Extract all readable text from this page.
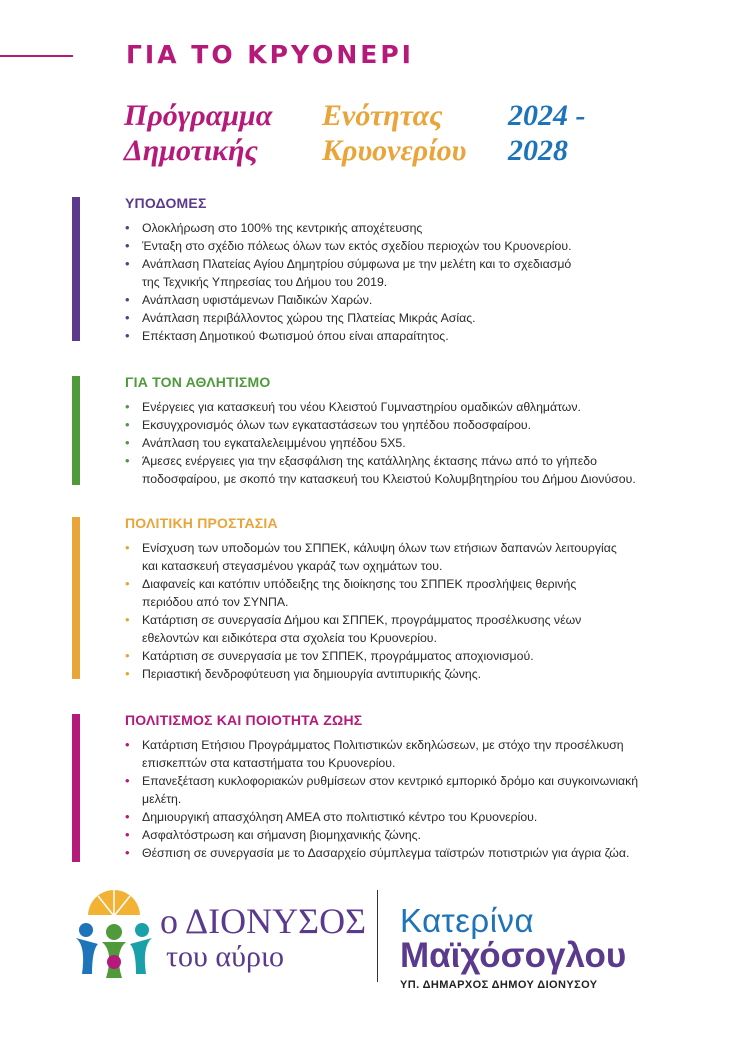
ΓΙΑ ΤΟ ΚΡΥΟΝΕΡΙ
Πρόγραμμα
Δημοτικής
Ενότητας
Κρυονερίου
2024 -
2028
ΥΠΟΔΟΜΕΣ
• Ολοκλήρωση στο 100% της κεντρικής αποχέτευσης
• Ένταξη στο σχέδιο πόλεως όλων των εκτός σχεδίου περιοχών του Κρυονερίου.
• Ανάπλαση Πλατείας Αγίου Δημητρίου σύμφωνα με την μελέτη και το σχεδιασμό
της Τεχνικής Υπηρεσίας του Δήμου του 2019.
• Ανάπλαση υφιστάμενων Παιδικών Χαρών.
• Ανάπλαση περιβάλλοντος χώρου της Πλατείας Μικράς Ασίας.
• Επέκταση Δημοτικού Φωτισμού όπου είναι απαραίτητος.
ΓΙΑ ΤΟΝ ΑΘΛΗΤΙΣΜΟ
• Ενέργειες για κατασκευή του νέου Κλειστού Γυμναστηρίου ομαδικών αθλημάτων.
• Εκσυγχρονισμός όλων των εγκαταστάσεων του γηπέδου ποδοσφαίρου.
• Ανάπλαση του εγκαταλελειμμένου γηπέδου 5Χ5.
• Άμεσες ενέργειες για την εξασφάλιση της κατάλληλης έκτασης πάνω από το γήπεδο
ποδοσφαίρου, με σκοπό την κατασκευή του Κλειστού Κολυμβητηρίου του Δήμου Διονύσου.
ΠΟΛΙΤΙΚΗ ΠΡΟΣΤΑΣΙΑ
• Ενίσχυση των υποδομών του ΣΠΠΕΚ, κάλυψη όλων των ετήσιων δαπανών λειτουργίας
και κατασκευή στεγασμένου γκαράζ των οχημάτων του.
• Διαφανείς και κατόπιν υπόδειξης της διοίκησης του ΣΠΠΕΚ προσλήψεις θερινής
περιόδου από τον ΣΥΝΠΑ.
• Κατάρτιση σε συνεργασία Δήμου και ΣΠΠΕΚ, προγράμματος προσέλκυσης νέων
εθελοντών και ειδικότερα στα σχολεία του Κρυονερίου.
• Κατάρτιση σε συνεργασία με τον ΣΠΠΕΚ, προγράμματος αποχιονισμού.
• Περιαστική δενδροφύτευση για δημιουργία αντιπυρικής ζώνης.
ΠΟΛΙΤΙΣΜΟΣ ΚΑΙ ΠΟΙΟΤΗΤΑ ΖΩΗΣ
• Κατάρτιση Ετήσιου Προγράμματος Πολιτιστικών εκδηλώσεων, με στόχο την προσέλκυση
επισκεπτών στα καταστήματα του Κρυονερίου.
• Επανεξέταση κυκλοφοριακών ρυθμίσεων στον κεντρικό εμπορικό δρόμο και συγκοινωνιακή
μελέτη.
• Δημιουργική απασχόληση ΑΜΕΑ στο πολιτιστικό κέντρο του Κρυονερίου.
• Ασφαλτόστρωση και σήμανση βιομηχανικής ζώνης.
• Θέσπιση σε συνεργασία με το Δασαρχείο σύμπλεγμα ταϊστρών ποτιστριών για άγρια ζώα.
ο ΔΙΟΝΥΣΟΣ
του αύριο
Κατερίνα
Μαϊχόσογλου
ΥΠ. ΔΗΜΑΡΧΟΣ ΔΗΜΟΥ ΔΙΟΝΥΣΟΥ
